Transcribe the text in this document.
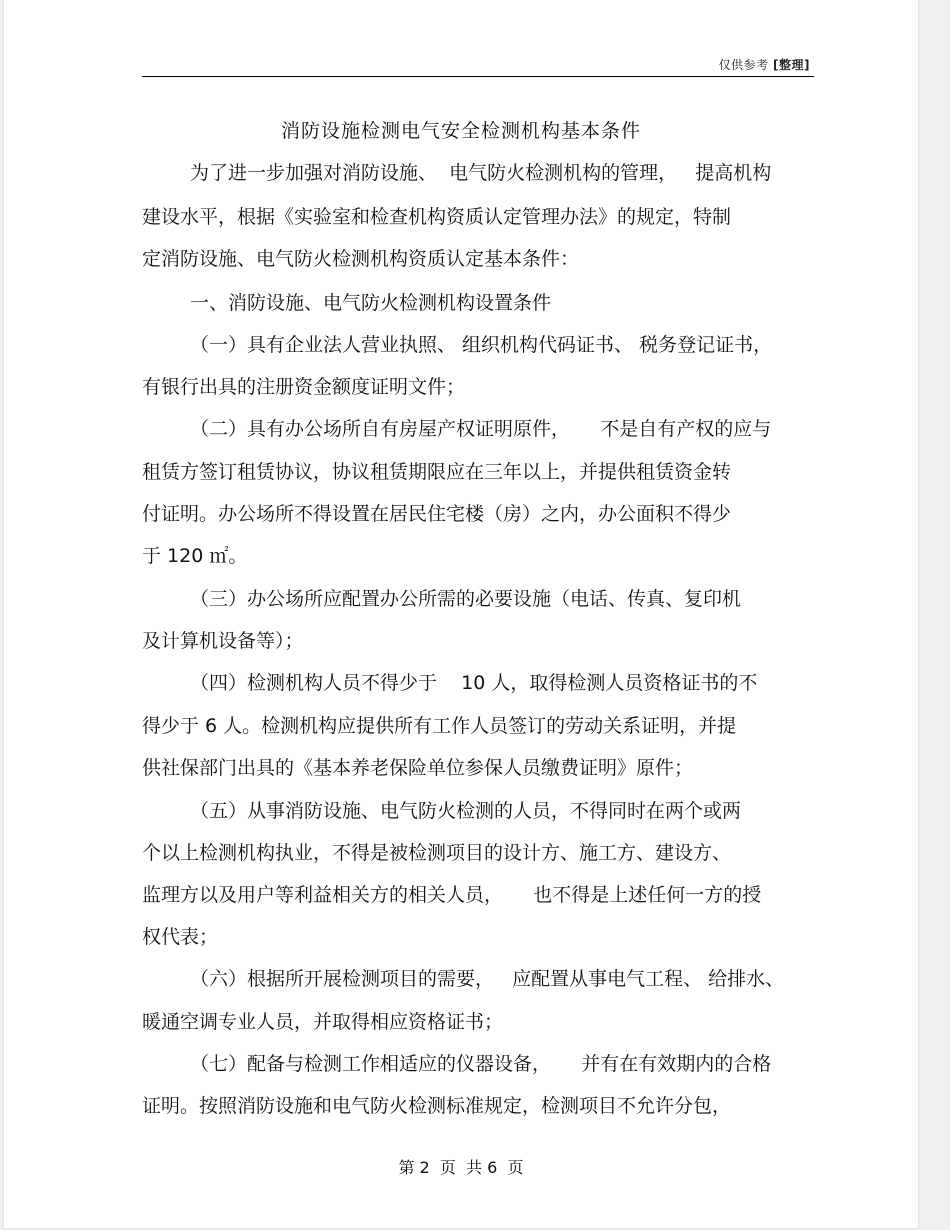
仅供参考 [整理]
消防设施检测电气安全检测机构基本条件
为了进一步加强对消防设施、  电气防火检测机构的管理，   提高机构
建设水平，根据《实验室和检查机构资质认定管理办法》的规定，特制
定消防设施、电气防火检测机构资质认定基本条件：
一、消防设施、电气防火检测机构设置条件
（一）具有企业法人营业执照、 组织机构代码证书、 税务登记证书，
有银行出具的注册资金额度证明文件；
（二）具有办公场所自有房屋产权证明原件，     不是自有产权的应与
租赁方签订租赁协议，协议租赁期限应在三年以上，并提供租赁资金转
付证明。办公场所不得设置在居民住宅楼（房）之内，办公面积不得少
于 120 ㎡。
（三）办公场所应配置办公所需的必要设施（电话、传真、复印机
及计算机设备等）；
（四）检测机构人员不得少于    10 人，取得检测人员资格证书的不
得少于 6 人。检测机构应提供所有工作人员签订的劳动关系证明，并提
供社保部门出具的《基本养老保险单位参保人员缴费证明》原件；
（五）从事消防设施、电气防火检测的人员，不得同时在两个或两
个以上检测机构执业，不得是被检测项目的设计方、施工方、建设方、
监理方以及用户等利益相关方的相关人员，     也不得是上述任何一方的授
权代表；
（六）根据所开展检测项目的需要，   应配置从事电气工程、 给排水、
暖通空调专业人员，并取得相应资格证书；
（七）配备与检测工作相适应的仪器设备，     并有在有效期内的合格
证明。按照消防设施和电气防火检测标准规定，检测项目不允许分包，
第 2  页  共 6  页
